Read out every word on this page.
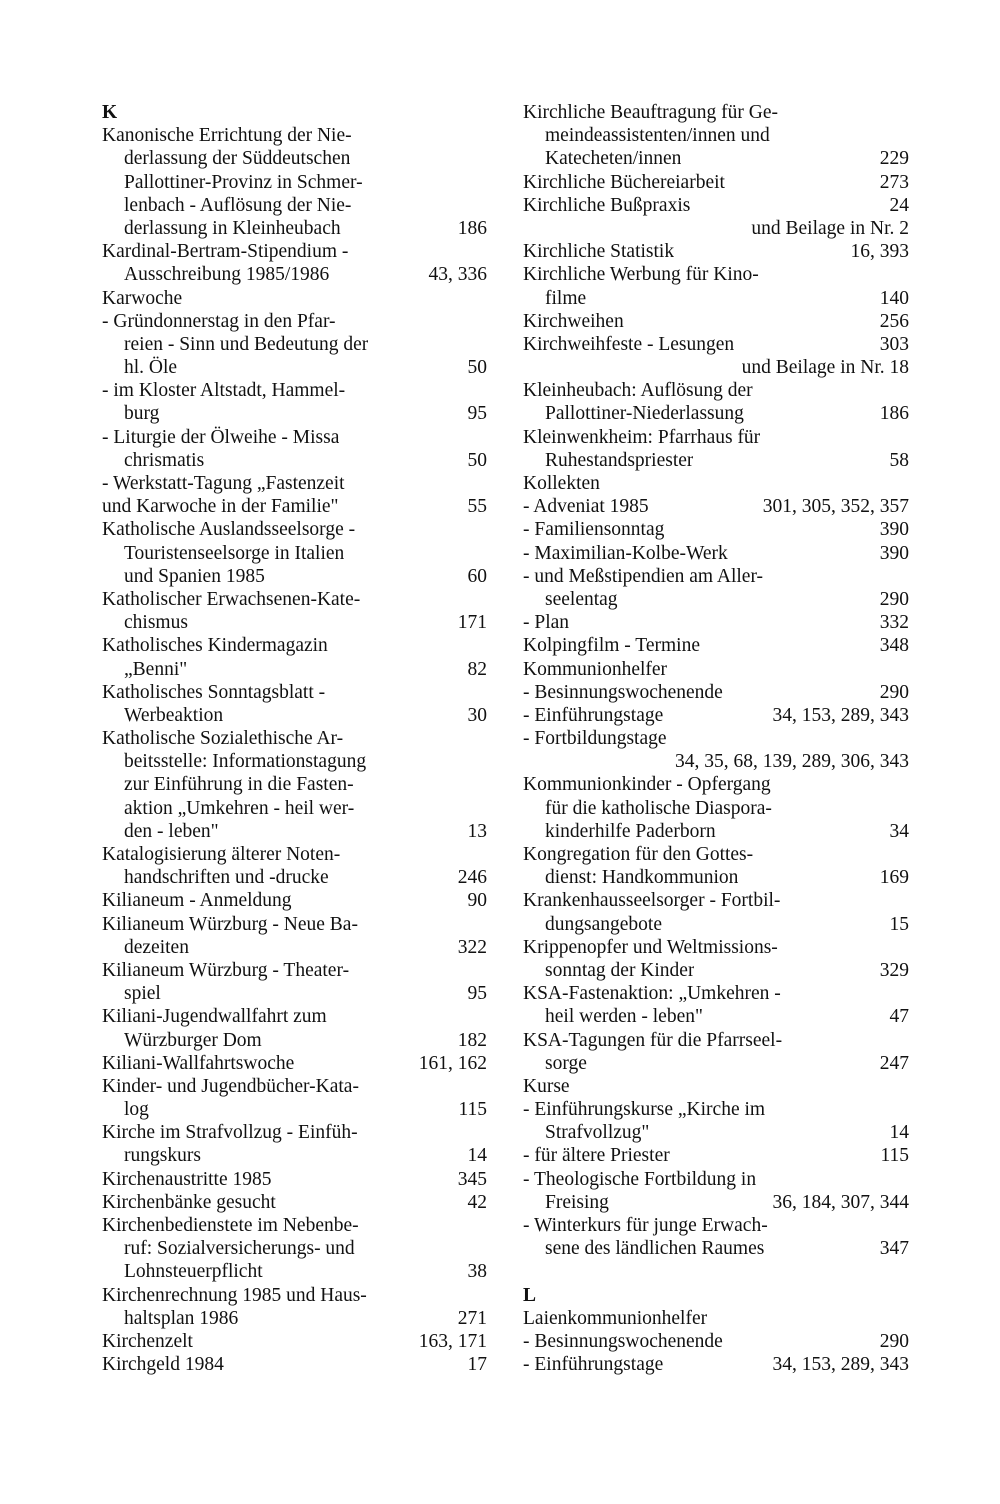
K
Kanonische Errichtung der Nie-
derlassung der Süddeutschen
Pallottiner-Provinz in Schmer-
lenbach - Auflösung der Nie-
derlassung in Kleinheubach	186
Kardinal-Bertram-Stipendium -
Ausschreibung 1985/1986	43, 336
Karwoche
- Gründonnerstag in den Pfar-
reien - Sinn und Bedeutung der
hl. Öle	50
- im Kloster Altstadt, Hammel-
burg	95
- Liturgie der Ölweihe - Missa
chrismatis	50
- Werkstatt-Tagung „Fastenzeit
und Karwoche in der Familie"	55
Katholische Auslandsseelsorge -
Touristenseelsorge in Italien
und Spanien 1985	60
Katholischer Erwachsenen-Kate-
chismus	171
Katholisches Kindermagazin
„Benni"	82
Katholisches Sonntagsblatt -
Werbeaktion	30
Katholische Sozialethische Ar-
beitsstelle: Informationstagung
zur Einführung in die Fasten-
aktion „Umkehren - heil wer-
den - leben"	13
Katalogisierung älterer Noten-
handschriften und -drucke	246
Kilianeum - Anmeldung	90
Kilianeum Würzburg - Neue Ba-
dezeiten	322
Kilianeum Würzburg - Theater-
spiel	95
Kiliani-Jugendwallfahrt zum
Würzburger Dom	182
Kiliani-Wallfahrtswoche	161, 162
Kinder- und Jugendbücher-Kata-
log	115
Kirche im Strafvollzug - Einfüh-
rungskurs	14
Kirchenaustritte 1985	345
Kirchenbänke gesucht	42
Kirchenbedienstete im Nebenbe-
ruf: Sozialversicherungs- und
Lohnsteuerpflicht	38
Kirchenrechnung 1985 und Haus-
haltsplan 1986	271
Kirchenzelt	163, 171
Kirchgeld 1984	17
Kirchliche Beauftragung für Ge-
meindeassistenten/innen und
Katecheten/innen	229
Kirchliche Büchereiarbeit	273
Kirchliche Bußpraxis	24
und Beilage in Nr. 2
Kirchliche Statistik	16, 393
Kirchliche Werbung für Kino-
filme	140
Kirchweihen	256
Kirchweihfeste - Lesungen	303
und Beilage in Nr. 18
Kleinheubach: Auflösung der
Pallottiner-Niederlassung	186
Kleinwenkheim: Pfarrhaus für
Ruhestandspriester	58
Kollekten
- Adveniat 1985	301, 305, 352, 357
- Familiensonntag	390
- Maximilian-Kolbe-Werk	390
- und Meßstipendien am Aller-
seelentag	290
- Plan	332
Kolpingfilm - Termine	348
Kommunionhelfer
- Besinnungswochenende	290
- Einführungstage	34, 153, 289, 343
- Fortbildungstage
34, 35, 68, 139, 289, 306, 343
Kommunionkinder - Opfergang
für die katholische Diaspora-
kinderhilfe Paderborn	34
Kongregation für den Gottes-
dienst: Handkommunion	169
Krankenhausseelsorger - Fortbil-
dungsangebote	15
Krippenopfer und Weltmissions-
sonntag der Kinder	329
KSA-Fastenaktion: „Umkehren -
heil werden - leben"	47
KSA-Tagungen für die Pfarrseel-
sorge	247
Kurse
- Einführungskurse „Kirche im
Strafvollzug"	14
- für ältere Priester	115
- Theologische Fortbildung in
Freising	36, 184, 307, 344
- Winterkurs für junge Erwach-
sene des ländlichen Raumes	347
L
Laienkommunionhelfer
- Besinnungswochenende	290
- Einführungstage	34, 153, 289, 343
